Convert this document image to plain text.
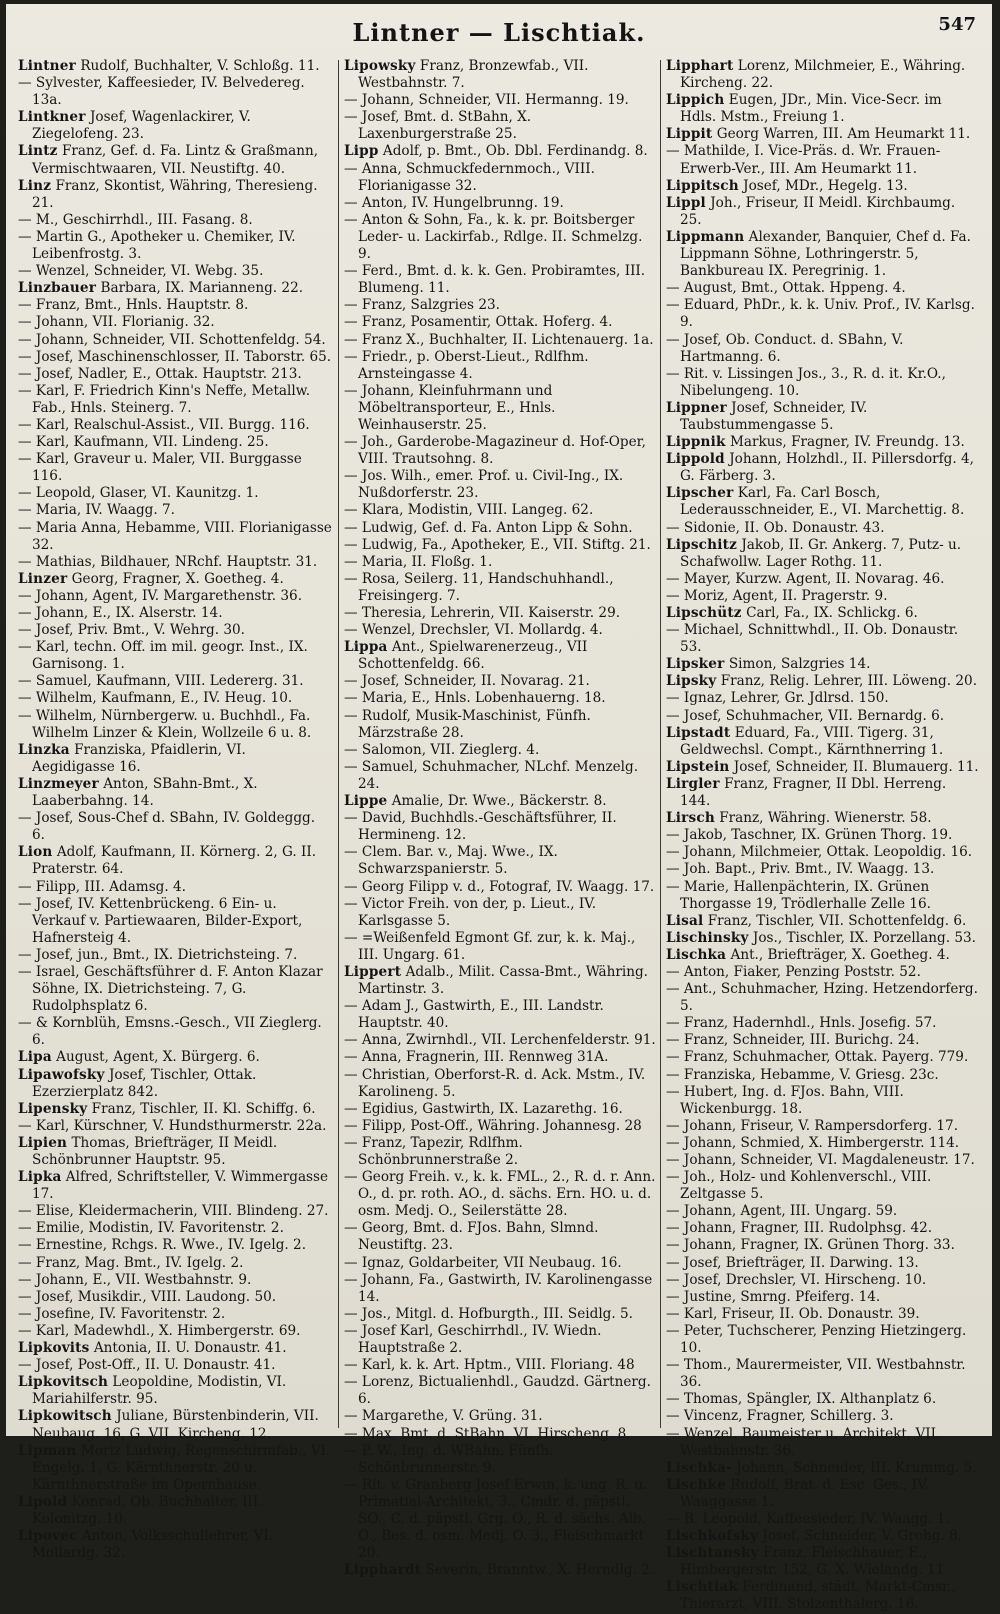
Lintner — Lischtiak.	547

Lintner Rudolf, Buchhalter, V. Schloßg. 11.

— Sylvester, Kaffeesieder, IV. Belvedereg. 13a.

Lintkner Josef, Wagenlackirer, V. Ziegelofeng. 23.

Lintz Franz, Gef. d. Fa. Lintz & Graßmann, Vermischtwaaren, VII. Neustiftg. 40.

Linz Franz, Skontist, Währing, Theresieng. 21.

— M., Geschirrhdl., III. Fasang. 8.

— Martin G., Apotheker u. Chemiker, IV. Leibenfrostg. 3.

— Wenzel, Schneider, VI. Webg. 35.

Linzbauer Barbara, IX. Marianneng. 22.

— Franz, Bmt., Hnls. Hauptstr. 8.

— Johann, VII. Florianig. 32.

— Johann, Schneider, VII. Schottenfeldg. 54.

— Josef, Maschinenschlosser, II. Taborstr. 65.

— Josef, Nadler, E., Ottak. Hauptstr. 213.

— Karl, F. Friedrich Kinn's Neffe, Metallw. Fab., Hnls. Steinerg. 7.

— Karl, Realschul-Assist., VII. Burgg. 116.

— Karl, Kaufmann, VII. Lindeng. 25.

— Karl, Graveur u. Maler, VII. Burggasse 116.

— Leopold, Glaser, VI. Kaunitzg. 1.

— Maria, IV. Waagg. 7.

— Maria Anna, Hebamme, VIII. Florianigasse 32.

— Mathias, Bildhauer, NRchf. Hauptstr. 31.

Linzer Georg, Fragner, X. Goetheg. 4.

— Johann, Agent, IV. Margarethenstr. 36.

— Johann, E., IX. Alserstr. 14.

— Josef, Priv. Bmt., V. Wehrg. 30.

— Karl, techn. Off. im mil. geogr. Inst., IX. Garnisong. 1.

— Samuel, Kaufmann, VIII. Ledererg. 31.

— Wilhelm, Kaufmann, E., IV. Heug. 10.

— Wilhelm, Nürnbergerw. u. Buchhdl., Fa. Wilhelm Linzer & Klein, Wollzeile 6 u. 8.

Linzka Franziska, Pfaidlerin, VI. Aegidigasse 16.

Linzmeyer Anton, SBahn-Bmt., X. Laaberbahng. 14.

— Josef, Sous-Chef d. SBahn, IV. Goldeggg. 6.

Lion Adolf, Kaufmann, II. Körnerg. 2, G. II. Praterstr. 64.

— Filipp, III. Adamsg. 4.

— Josef, IV. Kettenbrückeng. 6 Ein- u. Verkauf v. Partiewaaren, Bilder-Export, Hafnersteig 4.

— Josef, jun., Bmt., IX. Dietrichsteing. 7.

— Israel, Geschäftsführer d. F. Anton Klazar Söhne, IX. Dietrichsteing. 7, G. Rudolphsplatz 6.

— & Kornblüh, Emsns.-Gesch., VII Zieglerg. 6.

Lipa August, Agent, X. Bürgerg. 6.

Lipawofsky Josef, Tischler, Ottak. Ezerzierplatz 842.

Lipensky Franz, Tischler, II. Kl. Schiffg. 6.

— Karl, Kürschner, V. Hundsthurmerstr. 22a.

Lipien Thomas, Briefträger, II Meidl. Schönbrunner Hauptstr. 95.

Lipka Alfred, Schriftsteller, V. Wimmergasse 17.

— Elise, Kleidermacherin, VIII. Blindeng. 27.

— Emilie, Modistin, IV. Favoritenstr. 2.

— Ernestine, Rchgs. R. Wwe., IV. Igelg. 2.

— Franz, Mag. Bmt., IV. Igelg. 2.

— Johann, E., VII. Westbahnstr. 9.

— Josef, Musikdir., VIII. Laudong. 50.

— Josefine, IV. Favoritenstr. 2.

— Karl, Madewhdl., X. Himbergerstr. 69.

Lipkovits Antonia, II. U. Donaustr. 41.

— Josef, Post-Off., II. U. Donaustr. 41.

Lipkovitsch Leopoldine, Modistin, VI. Mariahilferstr. 95.

Lipkowitsch Juliane, Bürstenbinderin, VII. Neubaug. 16, G. VII. Kircheng. 12.

Lipman Moriz Ludwig, Regenschirmfab., VI. Engelg. 1, G. Kärnthnerstr. 20 u. Kärnthnerstraße im Opernhause.

Lipold Konrad, Ob. Buchhalter, III. Kolonitzg. 10.

Lipovec Anton, Volksschullehrer, VI. Mollardg. 32.

Lipowsky Franz, Bronzewfab., VII. Westbahnstr. 7.

— Johann, Schneider, VII. Hermanng. 19.

— Josef, Bmt. d. StBahn, X. Laxenburgerstraße 25.

Lipp Adolf, p. Bmt., Ob. Dbl. Ferdinandg. 8.

— Anna, Schmuckfedernmoch., VIII. Florianigasse 32.

— Anton, IV. Hungelbrunng. 19.

— Anton & Sohn, Fa., k. k. pr. Boitsberger Leder- u. Lackirfab., Rdlge. II. Schmelzg. 9.

— Ferd., Bmt. d. k. k. Gen. Probiramtes, III. Blumeng. 11.

— Franz, Salzgries 23.

— Franz, Posamentir, Ottak. Hoferg. 4.

— Franz X., Buchhalter, II. Lichtenauerg. 1a.

— Friedr., p. Oberst-Lieut., Rdlfhm. Arnsteingasse 4.

— Johann, Kleinfuhrmann und Möbeltransporteur, E., Hnls. Weinhauserstr. 25.

— Joh., Garderobe-Magazineur d. Hof-Oper, VIII. Trautsohng. 8.

— Jos. Wilh., emer. Prof. u. Civil-Ing., IX. Nußdorferstr. 23.

— Klara, Modistin, VIII. Langeg. 62.

— Ludwig, Gef. d. Fa. Anton Lipp & Sohn.

— Ludwig, Fa., Apotheker, E., VII. Stiftg. 21.

— Maria, II. Floßg. 1.

— Rosa, Seilerg. 11, Handschuhhandl., Freisingerg. 7.

— Theresia, Lehrerin, VII. Kaiserstr. 29.

— Wenzel, Drechsler, VI. Mollardg. 4.

Lippa Ant., Spielwarenerzeug., VII Schottenfeldg. 66.

— Josef, Schneider, II. Novarag. 21.

— Maria, E., Hnls. Lobenhauerng. 18.

— Rudolf, Musik-Maschinist, Fünfh. Märzstraße 28.

— Salomon, VII. Zieglerg. 4.

— Samuel, Schuhmacher, NLchf. Menzelg. 24.

Lippe Amalie, Dr. Wwe., Bäckerstr. 8.

— David, Buchhdls.-Geschäftsführer, II. Hermineng. 12.

— Clem. Bar. v., Maj. Wwe., IX. Schwarzspanierstr. 5.

— Georg Filipp v. d., Fotograf, IV. Waagg. 17.

— Victor Freih. von der, p. Lieut., IV. Karlsgasse 5.

— =Weißenfeld Egmont Gf. zur, k. k. Maj., III. Ungarg. 61.

Lippert Adalb., Milit. Cassa-Bmt., Währing. Martinstr. 3.

— Adam J., Gastwirth, E., III. Landstr. Hauptstr. 40.

— Anna, Zwirnhdl., VII. Lerchenfelderstr. 91.

— Anna, Fragnerin, III. Rennweg 31A.

— Christian, Oberforst-R. d. Ack. Mstm., IV. Karolineng. 5.

— Egidius, Gastwirth, IX. Lazarethg. 16.

— Filipp, Post-Off., Währing. Johannesg. 28

— Franz, Tapezir, Rdlfhm. Schönbrunnerstraße 2.

— Georg Freih. v., k. k. FML., 2., R. d. r. Ann. O., d. pr. roth. AO., d. sächs. Ern. HO. u. d. osm. Medj. O., Seilerstätte 28.

— Georg, Bmt. d. FJos. Bahn, Slmnd. Neustiftg. 23.

— Ignaz, Goldarbeiter, VII Neubaug. 16.

— Johann, Fa., Gastwirth, IV. Karolinengasse 14.

— Jos., Mitgl. d. Hofburgth., III. Seidlg. 5.

— Josef Karl, Geschirrhdl., IV. Wiedn. Hauptstraße 2.

— Karl, k. k. Art. Hptm., VIII. Floriang. 48

— Lorenz, Bictualienhdl., Gaudzd. Gärtnerg. 6.

— Margarethe, V. Grüng. 31.

— Max, Bmt. d. StBahn, VI. Hirscheng. 8.

— P. W., Ing. d. WBahn, Fünfh. Schönbrunnerstr. 9.

— Rit. v. Granberg Josef Erwin, k. ung. R. u. Primatial-Architekt, 3., Cmdr. d. päpstl. SO., C. d. päpstl. Grg. O., R. d. sächs. Alb. O., Bes. d. osm. Medj. O. 3., Fleischmarkt 20.

Lipphardt Severin, Branntw., X. Herndlg. 2.

Lipphart Lorenz, Milchmeier, E., Währing. Kircheng. 22.

Lippich Eugen, JDr., Min. Vice-Secr. im Hdls. Mstm., Freiung 1.

Lippit Georg Warren, III. Am Heumarkt 11.

— Mathilde, I. Vice-Präs. d. Wr. Frauen-Erwerb-Ver., III. Am Heumarkt 11.

Lippitsch Josef, MDr., Hegelg. 13.

Lippl Joh., Friseur, II Meidl. Kirchbaumg. 25.

Lippmann Alexander, Banquier, Chef d. Fa. Lippmann Söhne, Lothringerstr. 5, Bankbureau IX. Peregrinig. 1.

— August, Bmt., Ottak. Hppeng. 4.

— Eduard, PhDr., k. k. Univ. Prof., IV. Karlsg. 9.

— Josef, Ob. Conduct. d. SBahn, V. Hartmanng. 6.

— Rit. v. Lissingen Jos., 3., R. d. it. Kr.O., Nibelungeng. 10.

Lippner Josef, Schneider, IV. Taubstummengasse 5.

Lippnik Markus, Fragner, IV. Freundg. 13.

Lippold Johann, Holzhdl., II. Pillersdorfg. 4, G. Färberg. 3.

Lipscher Karl, Fa. Carl Bosch, Lederausschneider, E., VI. Marchettig. 8.

— Sidonie, II. Ob. Donaustr. 43.

Lipschitz Jakob, II. Gr. Ankerg. 7, Putz- u. Schafwollw. Lager Rothg. 11.

— Mayer, Kurzw. Agent, II. Novarag. 46.

— Moriz, Agent, II. Pragerstr. 9.

Lipschütz Carl, Fa., IX. Schlickg. 6.

— Michael, Schnittwhdl., II. Ob. Donaustr. 53.

Lipsker Simon, Salzgries 14.

Lipsky Franz, Relig. Lehrer, III. Löweng. 20.

— Ignaz, Lehrer, Gr. Jdlrsd. 150.

— Josef, Schuhmacher, VII. Bernardg. 6.

Lipstadt Eduard, Fa., VIII. Tigerg. 31, Geldwechsl. Compt., Kärnthnerring 1.

Lipstein Josef, Schneider, II. Blumauerg. 11.

Lirgler Franz, Fragner, II Dbl. Herreng. 144.

Lirsch Franz, Währing. Wienerstr. 58.

— Jakob, Taschner, IX. Grünen Thorg. 19.

— Johann, Milchmeier, Ottak. Leopoldig. 16.

— Joh. Bapt., Priv. Bmt., IV. Waagg. 13.

— Marie, Hallenpächterin, IX. Grünen Thorgasse 19, Trödlerhalle Zelle 16.

Lisal Franz, Tischler, VII. Schottenfeldg. 6.

Lischinsky Jos., Tischler, IX. Porzellang. 53.

Lischka Ant., Briefträger, X. Goetheg. 4.

— Anton, Fiaker, Penzing Poststr. 52.

— Ant., Schuhmacher, Hzing. Hetzendorferg. 5.

— Franz, Hadernhdl., Hnls. Josefig. 57.

— Franz, Schneider, III. Burichg. 24.

— Franz, Schuhmacher, Ottak. Payerg. 779.

— Franziska, Hebamme, V. Griesg. 23c.

— Hubert, Ing. d. FJos. Bahn, VIII. Wickenburgg. 18.

— Johann, Friseur, V. Rampersdorferg. 17.

— Johann, Schmied, X. Himbergerstr. 114.

— Johann, Schneider, VI. Magdaleneustr. 17.

— Joh., Holz- und Kohlenverschl., VIII. Zeltgasse 5.

— Johann, Agent, III. Ungarg. 59.

— Johann, Fragner, III. Rudolphsg. 42.

— Johann, Fragner, IX. Grünen Thorg. 33.

— Josef, Briefträger, II. Darwing. 13.

— Josef, Drechsler, VI. Hirscheng. 10.

— Justine, Smrng. Pfeiferg. 14.

— Karl, Friseur, II. Ob. Donaustr. 39.

— Peter, Tuchscherer, Penzing Hietzingerg. 10.

— Thom., Maurermeister, VII. Westbahnstr. 36.

— Thomas, Spängler, IX. Althanplatz 6.

— Vincenz, Fragner, Schillerg. 3.

— Wenzel, Baumeister u. Architekt, VII. Westbahnstr. 36.

Lischka- Johann, Schneider, III. Krummg. 5.

Lischke Rudolf, Brat. d. Esc. Ges., IV. Waaggasse 1.

— B. Leopold, Kaffeesieder, IV. Waagg. 1.

Lischkofsky Josef, Schneider, V. Grohg. 8.

Lischtansky Franz, Fleischhauer, E., Himbergerstr. 152, G. X. Wielandg. 11

Lischtiak Ferdinand, städt. Markt-Cmsr., Thierarzt, VIII. Stolzenthalerg. 16.
